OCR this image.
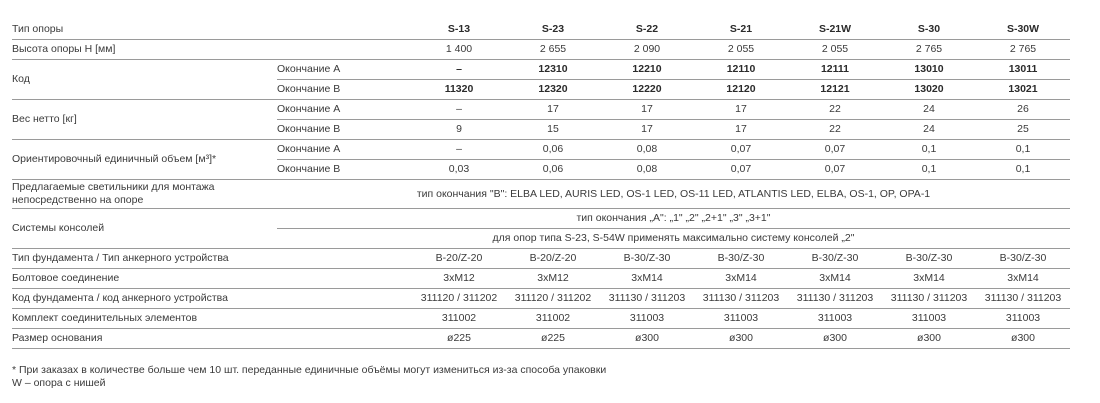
Тип опоры		S-13	S-23	S-22	S-21	S-21W	S-30	S-30W
Высота опоры H [мм]		1 400	2 655	2 090	2 055	2 055	2 765	2 765
Код	Окончание A	–	12310	12210	12110	12111	13010	13011
	Окончание B	11320	12320	12220	12120	12121	13020	13021
Вес нетто [кг]	Окончание A	–	17	17	17	22	24	26
	Окончание B	9	15	17	17	22	24	25
Ориентировочный единичный объем [м³]*	Окончание A	–	0,06	0,08	0,07	0,07	0,1	0,1
	Окончание B	0,03	0,06	0,08	0,07	0,07	0,1	0,1
Предлагаемые светильники для монтажа непосредственно на опоре	тип окончания "B": ELBA LED, AURIS LED, OS-1 LED, OS-11 LED, ATLANTIS LED, ELBA, OS-1, OP, OPA-1							
Системы консолей	тип окончания „A": „1" „2" „2+1" „3" „3+1"							
	для опор типа S-23, S-54W применять максимально систему консолей „2"							
Тип фундамента / Тип анкерного устройства		B-20/Z-20	B-20/Z-20	B-30/Z-30	B-30/Z-30	B-30/Z-30	B-30/Z-30	B-30/Z-30
Болтовое соединение		3xM12	3xM12	3xM14	3xM14	3xM14	3xM14	3xM14
Код фундамента / код анкерного устройства		311120 / 311202	311120 / 311202	311130 / 311203	311130 / 311203	311130 / 311203	311130 / 311203	311130 / 311203
Комплект соединительных элементов		311002	311002	311003	311003	311003	311003	311003
Размер основания		ø225	ø225	ø300	ø300	ø300	ø300	ø300
* При заказах в количестве больше чем 10 шт. переданные единичные объёмы могут измениться из-за способа упаковки
W – опора с нишей
